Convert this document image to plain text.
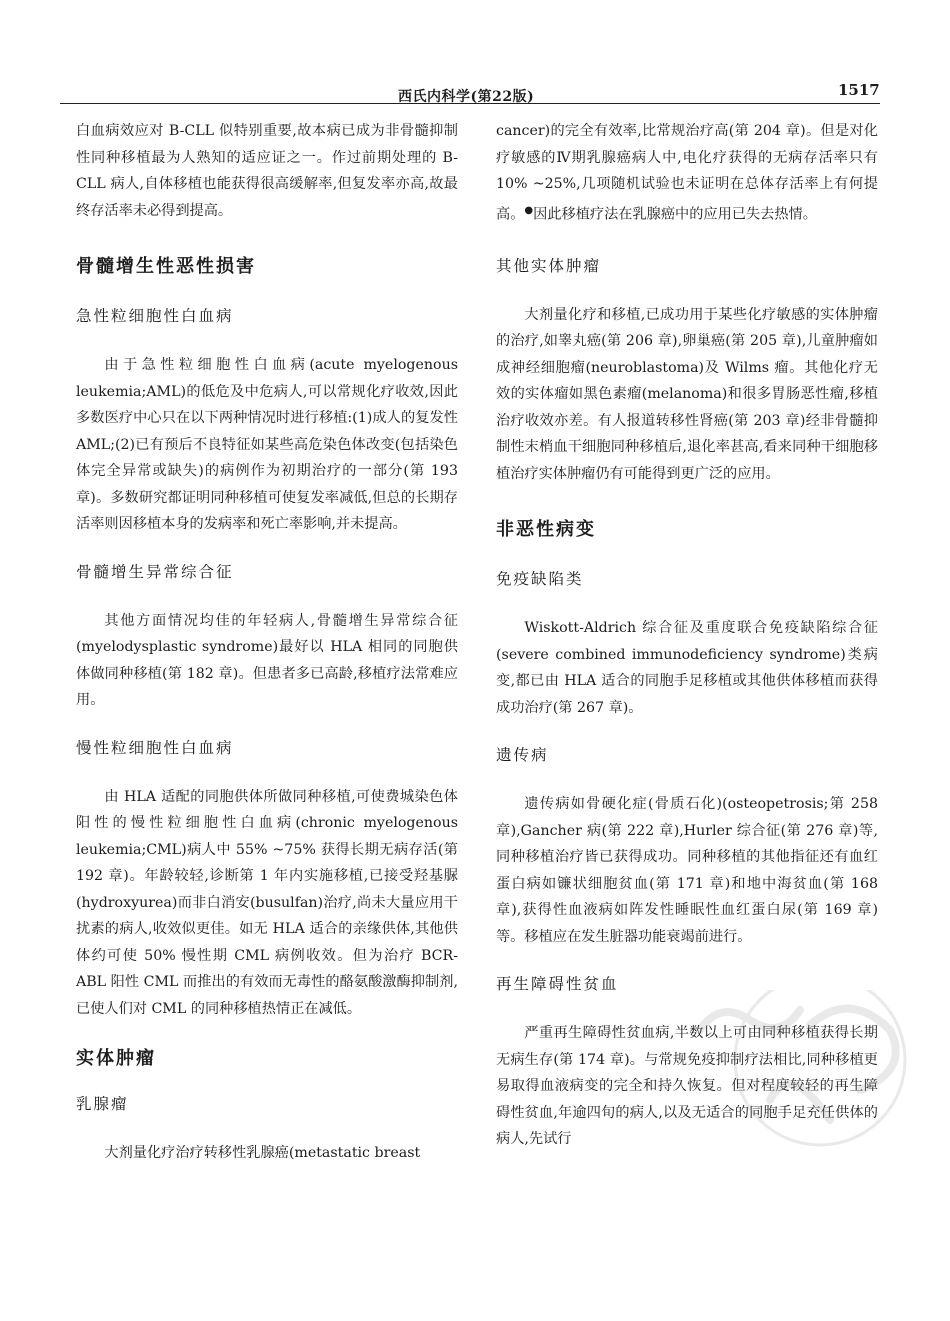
西氏内科学(第22版)	1517

白血病效应对 B-CLL 似特别重要,故本病已成为非骨髓抑制性同种移植最为人熟知的适应证之一。作过前期处理的 B-CLL 病人,自体移植也能获得很高缓解率,但复发率亦高,故最终存活率未必得到提高。

骨髓增生性恶性损害
急性粒细胞性白血病

由于急性粒细胞性白血病(acute myelogenous leukemia;AML)的低危及中危病人,可以常规化疗收效,因此多数医疗中心只在以下两种情况时进行移植:(1)成人的复发性 AML;(2)已有预后不良特征如某些高危染色体改变(包括染色体完全异常或缺失)的病例作为初期治疗的一部分(第 193 章)。多数研究都证明同种移植可使复发率减低,但总的长期存活率则因移植本身的发病率和死亡率影响,并未提高。

骨髓增生异常综合征

其他方面情况均佳的年轻病人,骨髓增生异常综合征(myelodysplastic syndrome)最好以 HLA 相同的同胞供体做同种移植(第 182 章)。但患者多已高龄,移植疗法常难应用。

慢性粒细胞性白血病

由 HLA 适配的同胞供体所做同种移植,可使费城染色体阳性的慢性粒细胞性白血病(chronic myelogenous leukemia;CML)病人中 55% ~75% 获得长期无病存活(第 192 章)。年龄较轻,诊断第 1 年内实施移植,已接受羟基脲(hydroxyurea)而非白消安(busulfan)治疗,尚未大量应用干扰素的病人,收效似更佳。如无 HLA 适合的亲缘供体,其他供体约可使 50% 慢性期 CML 病例收效。但为治疗 BCR-ABL 阳性 CML 而推出的有效而无毒性的酪氨酸激酶抑制剂,已使人们对 CML 的同种移植热情正在减低。

实体肿瘤
乳腺瘤

大剂量化疗治疗转移性乳腺癌(metastatic breast

cancer)的完全有效率,比常规治疗高(第 204 章)。但是对化疗敏感的Ⅳ期乳腺癌病人中,电化疗获得的无病存活率只有 10% ~25%,几项随机试验也未证明在总体存活率上有何提高。●因此移植疗法在乳腺癌中的应用已失去热情。

其他实体肿瘤

大剂量化疗和移植,已成功用于某些化疗敏感的实体肿瘤的治疗,如睾丸癌(第 206 章),卵巢癌(第 205 章),儿童肿瘤如成神经细胞瘤(neuroblastoma)及 Wilms 瘤。其他化疗无效的实体瘤如黑色素瘤(melanoma)和很多胃肠恶性瘤,移植治疗收效亦差。有人报道转移性肾癌(第 203 章)经非骨髓抑制性末梢血干细胞同种移植后,退化率甚高,看来同种干细胞移植治疗实体肿瘤仍有可能得到更广泛的应用。

非恶性病变
免疫缺陷类

Wiskott-Aldrich 综合征及重度联合免疫缺陷综合征(severe combined immunodeficiency syndrome)类病变,都已由 HLA 适合的同胞手足移植或其他供体移植而获得成功治疗(第 267 章)。

遗传病

遗传病如骨硬化症(骨质石化)(osteopetrosis;第 258 章),Gancher 病(第 222 章),Hurler 综合征(第 276 章)等,同种移植治疗皆已获得成功。同种移植的其他指征还有血红蛋白病如镰状细胞贫血(第 171 章)和地中海贫血(第 168 章),获得性血液病如阵发性睡眠性血红蛋白尿(第 169 章)等。移植应在发生脏器功能衰竭前进行。

再生障碍性贫血

严重再生障碍性贫血病,半数以上可由同种移植获得长期无病生存(第 174 章)。与常规免疫抑制疗法相比,同种移植更易取得血液病变的完全和持久恢复。但对程度较轻的再生障碍性贫血,年逾四旬的病人,以及无适合的同胞手足充任供体的病人,先试行
